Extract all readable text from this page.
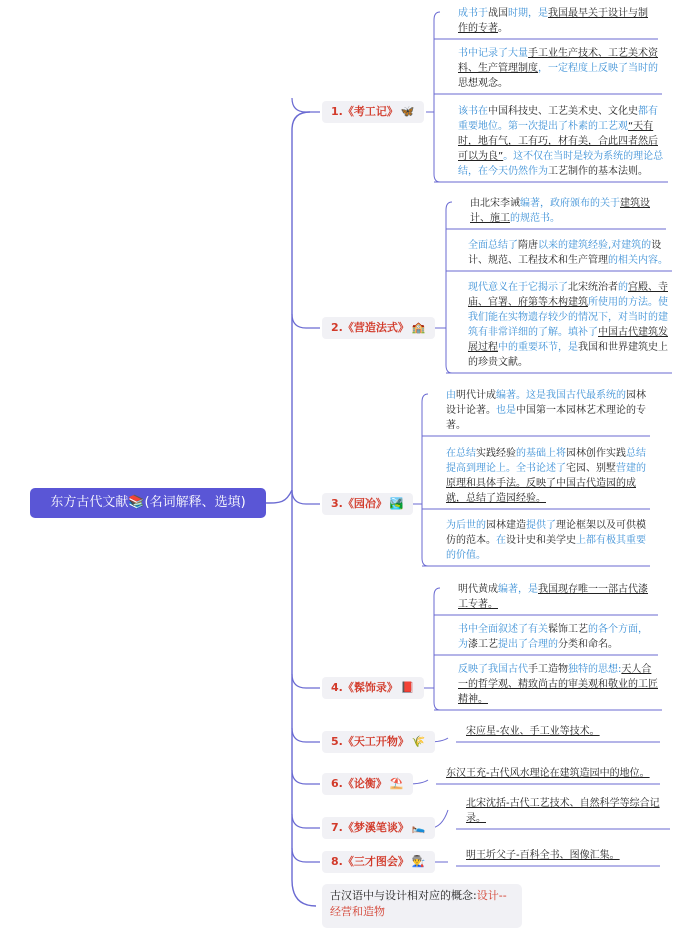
东方古代文献📚(名词解释、选填)
1.《考工记》 🦋
成书于战国时期，是我国最早关于设计与制作的专著。
书中记录了大量手工业生产技术、工艺美术资料、生产管理制度，一定程度上反映了当时的思想观念。
该书在中国科技史、工艺美术史、文化史都有重要地位。第一次提出了朴素的工艺观“天有时，地有气，工有巧，材有美，合此四者然后可以为良”。这不仅在当时是较为系统的理论总结，在今天仍然作为工艺制作的基本法则。
2.《营造法式》 🏫
由北宋李诫编著，政府颁布的关于建筑设计、施工的规范书。
全面总结了隋唐以来的建筑经验,对建筑的设计、规范、工程技术和生产管理的相关内容。
现代意义在于它揭示了北宋统治者的宫殿、寺庙、官署、府第等木构建筑所使用的方法。使我们能在实物遗存较少的情况下，对当时的建筑有非常详细的了解。填补了中国古代建筑发展过程中的重要环节，是我国和世界建筑史上的珍贵文献。
3.《园冶》 🏞️
由明代计成编著。这是我国古代最系统的园林设计论著。也是中国第一本园林艺术理论的专著。
在总结实践经验的基础上将园林创作实践总结提高到理论上。全书论述了宅园、别墅营建的原理和具体手法。反映了中国古代造园的成就，总结了造园经验。
为后世的园林建造提供了理论框架以及可供模仿的范本。在设计史和美学史上都有极其重要的价值。
4.《髹饰录》 📕
明代黄成编著，是我国现存唯一一部古代漆工专著。
书中全面叙述了有关髹饰工艺的各个方面，为漆工艺提出了合理的分类和命名。
反映了我国古代手工造物独特的思想:天人合一的哲学观、精致尚古的审美观和敬业的工匠精神。
5.《天工开物》 🌾
宋应星-农业、手工业等技术。
6.《论衡》 ⛱️
东汉王充-古代风水理论在建筑造园中的地位。
7.《梦溪笔谈》 🛌
北宋沈括-古代工艺技术、自然科学等综合记录。
8.《三才图会》 👨‍🏭	明王圻父子-百科全书、图像汇集。
古汉语中与设计相对应的概念:设计--经营和造物
